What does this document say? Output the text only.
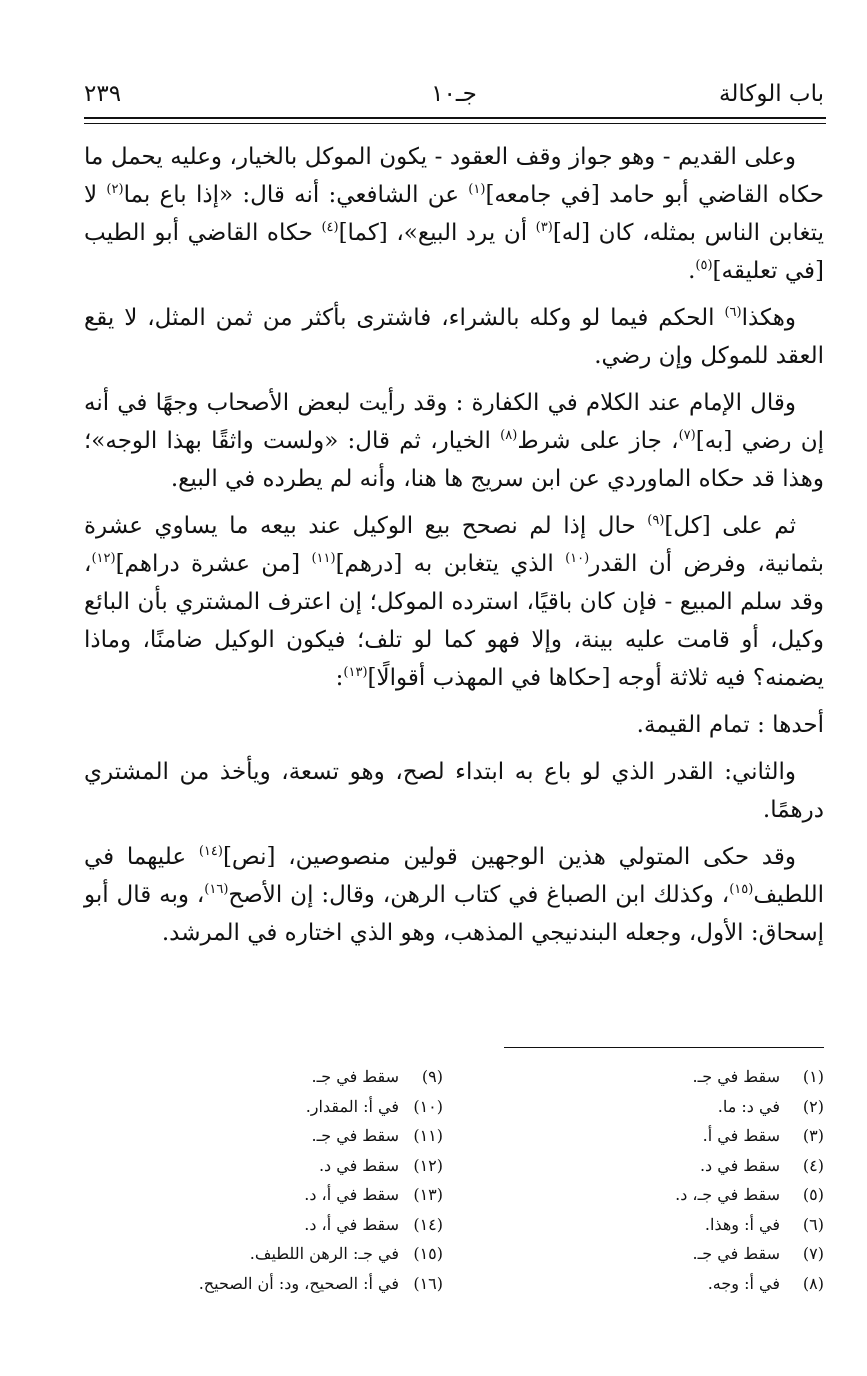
باب الوكالة
جـ١٠
٢٣٩

وعلى القديم - وهو جواز وقف العقود - يكون الموكل بالخيار، وعليه يحمل ما حكاه القاضي أبو حامد [في جامعه]$^{(١)}$ عن الشافعي: أنه قال: «إذا باع بما$^{(٢)}$ لا يتغابن الناس بمثله، كان [له]$^{(٣)}$ أن يرد البيع»، [كما]$^{(٤)}$ حكاه القاضي أبو الطيب [في تعليقه]$^{(٥)}$.

وهكذا$^{(٦)}$ الحكم فيما لو وكله بالشراء، فاشترى بأكثر من ثمن المثل، لا يقع العقد للموكل وإن رضي.

وقال الإمام عند الكلام في الكفارة : وقد رأيت لبعض الأصحاب وجهًا في أنه إن رضي [به]$^{(٧)}$، جاز على شرط$^{(٨)}$ الخيار، ثم قال: «ولست واثقًا بهذا الوجه»؛ وهذا قد حكاه الماوردي عن ابن سريج ها هنا، وأنه لم يطرده في البيع.

ثم على [كل]$^{(٩)}$ حال إذا لم نصحح بيع الوكيل عند بيعه ما يساوي عشرة بثمانية، وفرض أن القدر$^{(١٠)}$ الذي يتغابن به [درهم]$^{(١١)}$ [من عشرة دراهم]$^{(١٢)}$، وقد سلم المبيع - فإن كان باقيًا، استرده الموكل؛ إن اعترف المشتري بأن البائع وكيل، أو قامت عليه بينة، وإلا فهو كما لو تلف؛ فيكون الوكيل ضامنًا، وماذا يضمنه؟ فيه ثلاثة أوجه [حكاها في المهذب أقوالًا]$^{(١٣)}$:

أحدها : تمام القيمة.

والثاني: القدر الذي لو باع به ابتداء لصح، وهو تسعة، ويأخذ من المشتري درهمًا.

وقد حكى المتولي هذين الوجهين قولين منصوصين، [نص]$^{(١٤)}$ عليهما في اللطيف$^{(١٥)}$، وكذلك ابن الصباغ في كتاب الرهن، وقال: إن الأصح$^{(١٦)}$، وبه قال أبو إسحاق: الأول، وجعله البندنيجي المذهب، وهو الذي اختاره في المرشد.

(١)سقط في جـ.
(٢)في د: ما.
(٣)سقط في أ.
(٤)سقط في د.
(٥)سقط في جـ، د.
(٦)في أ: وهذا.
(٧)سقط في جـ.
(٨)في أ: وجه.
(٩)سقط في جـ.
(١٠)في أ: المقدار.
(١١)سقط في جـ.
(١٢)سقط في د.
(١٣)سقط في أ، د.
(١٤)سقط في أ، د.
(١٥)في جـ: الرهن اللطيف.
(١٦)في أ: الصحيح، ود: أن الصحيح.
